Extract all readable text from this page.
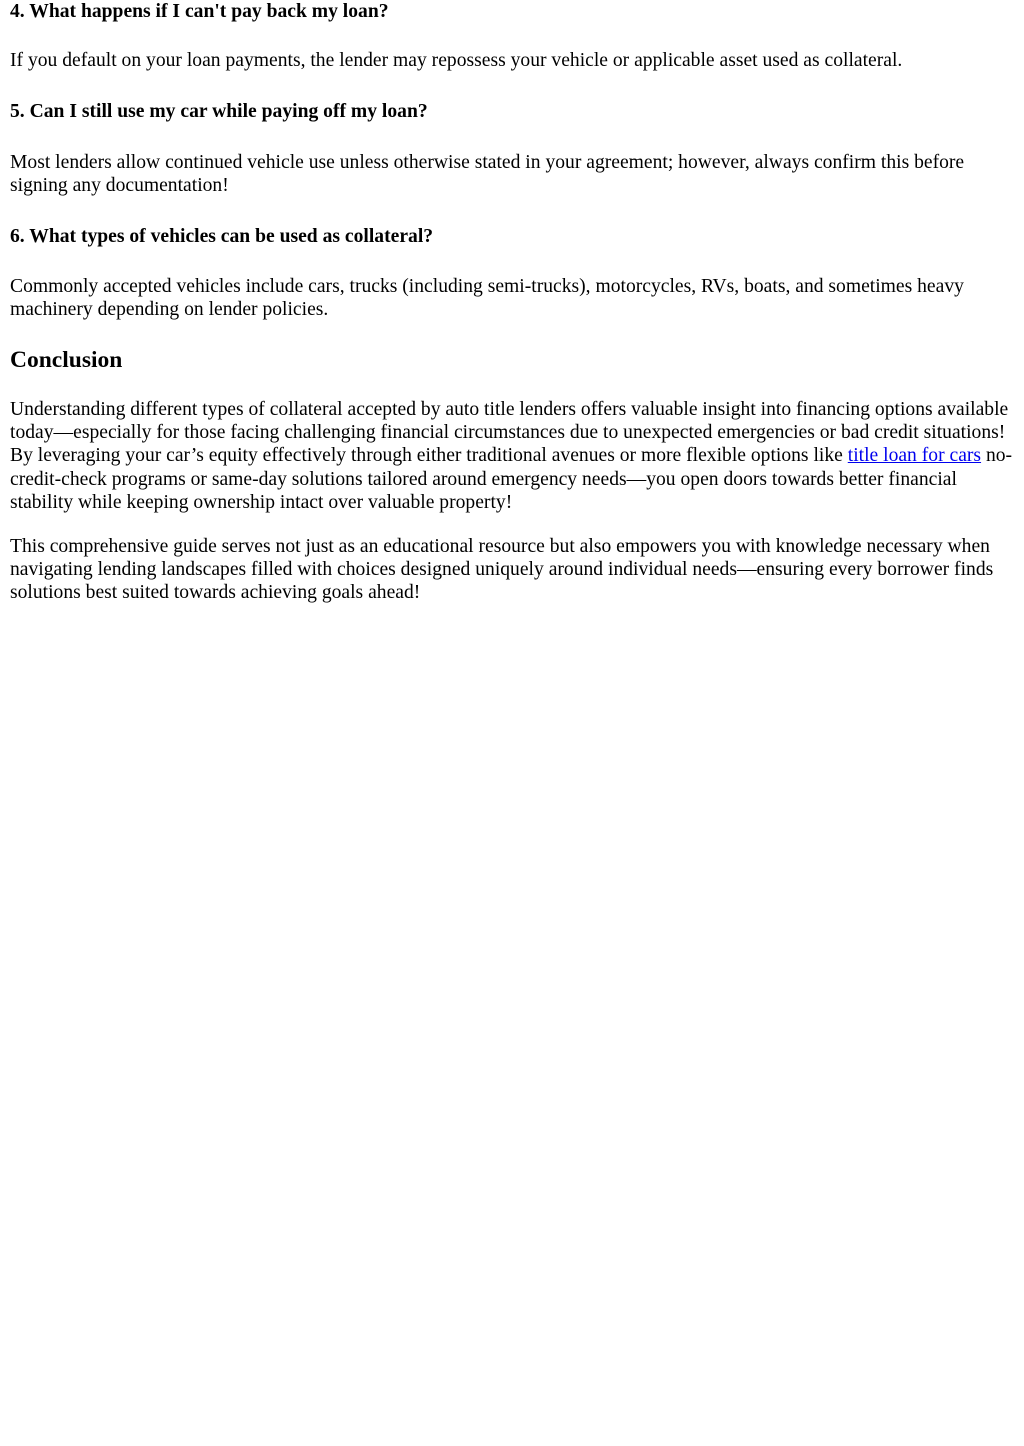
4. What happens if I can't pay back my loan?

If you default on your loan payments, the lender may repossess your vehicle or applicable asset used as collateral.

5. Can I still use my car while paying off my loan?

Most lenders allow continued vehicle use unless otherwise stated in your agreement; however, always confirm this before signing any documentation!

6. What types of vehicles can be used as collateral?

Commonly accepted vehicles include cars, trucks (including semi-trucks), motorcycles, RVs, boats, and sometimes heavy machinery depending on lender policies.

Conclusion

Understanding different types of collateral accepted by auto title lenders offers valuable insight into financing options available today—especially for those facing challenging financial circumstances due to unexpected emergencies or bad credit situations! By leveraging your car’s equity effectively through either traditional avenues or more flexible options like title loan for cars no-credit-check programs or same-day solutions tailored around emergency needs—you open doors towards better financial stability while keeping ownership intact over valuable property!

This comprehensive guide serves not just as an educational resource but also empowers you with knowledge necessary when navigating lending landscapes filled with choices designed uniquely around individual needs—ensuring every borrower finds solutions best suited towards achieving goals ahead!
